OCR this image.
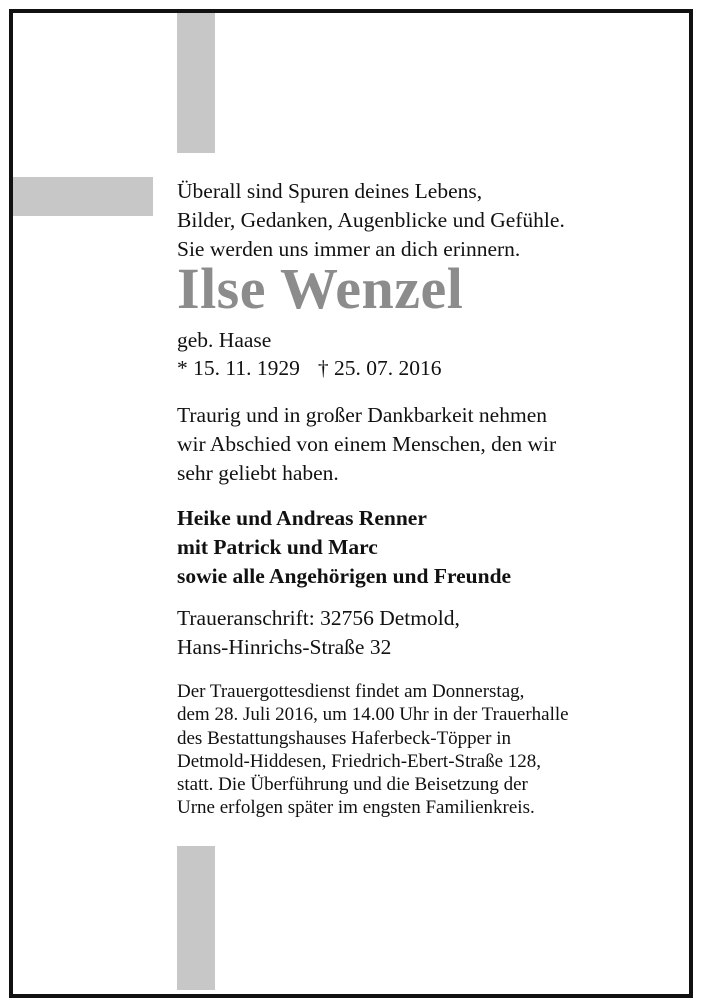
Überall sind Spuren deines Lebens,
Bilder, Gedanken, Augenblicke und Gefühle.
Sie werden uns immer an dich erinnern.
Ilse Wenzel
geb. Haase
* 15. 11. 1929 † 25. 07. 2016
Traurig und in großer Dankbarkeit nehmen
wir Abschied von einem Menschen, den wir
sehr geliebt haben.
Heike und Andreas Renner
mit Patrick und Marc
sowie alle Angehörigen und Freunde
Traueranschrift: 32756 Detmold,
Hans-Hinrichs-Straße 32
Der Trauergottesdienst findet am Donnerstag,
dem 28. Juli 2016, um 14.00 Uhr in der Trauerhalle
des Bestattungshauses Haferbeck-Töpper in
Detmold-Hiddesen, Friedrich-Ebert-Straße 128,
statt. Die Überführung und die Beisetzung der
Urne erfolgen später im engsten Familienkreis.
